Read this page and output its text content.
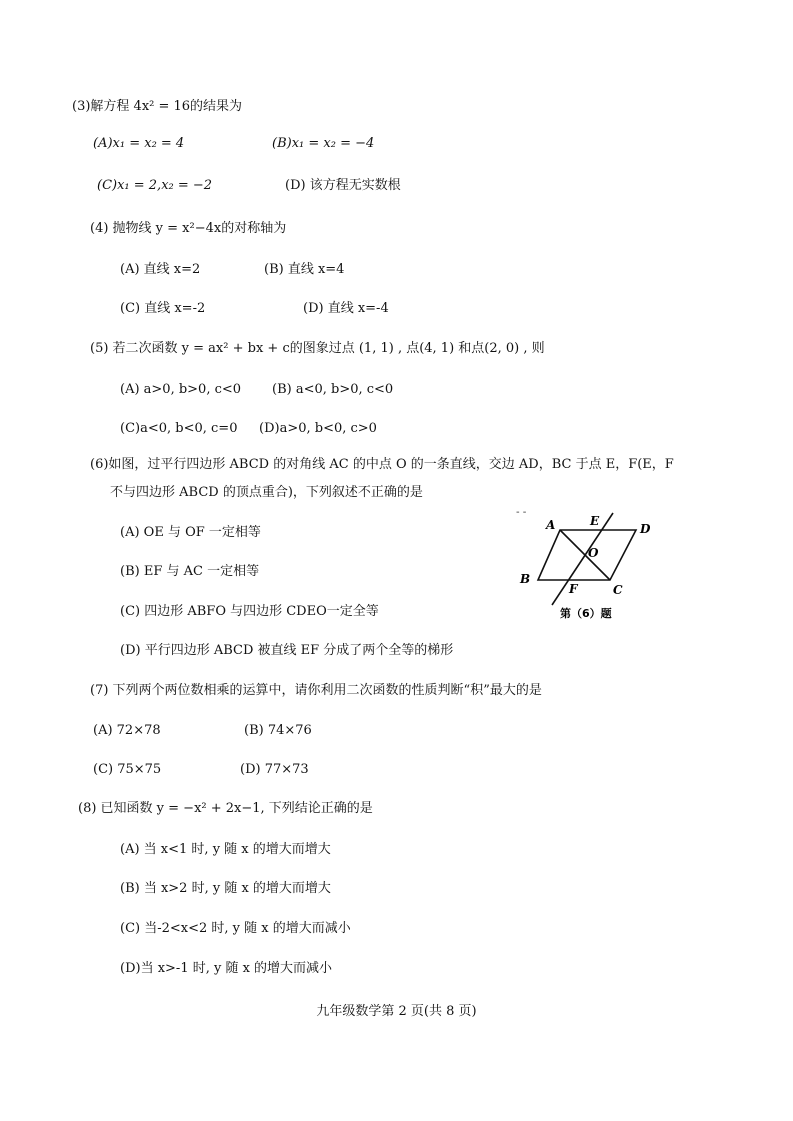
(3)解方程 4x² = 16的结果为
(A)x₁ = x₂ = 4	(B)x₁ = x₂ = −4
(C)x₁ = 2,x₂ = −2	(D) 该方程无实数根
(4) 抛物线 y = x²−4x的对称轴为
(A) 直线 x=2	(B) 直线 x=4
(C) 直线 x=-2	(D) 直线 x=-4
(5) 若二次函数 y = ax² + bx + c的图象过点 (1, 1) , 点(4, 1) 和点(2, 0) , 则
(A) a>0, b>0, c<0 (B) a<0, b>0, c<0
(C)a<0, b<0, c=0 (D)a>0, b<0, c>0
(6)如图，过平行四边形 ABCD 的对角线 AC 的中点 O 的一条直线，交边 AD，BC 于点 E，F(E，F
不与四边形 ABCD 的顶点重合)，下列叙述不正确的是
(A) OE 与 OF 一定相等
(B) EF 与 AC 一定相等
(C) 四边形 ABFO 与四边形 CDEO一定全等
(D) 平行四边形 ABCD 被直线 EF 分成了两个全等的梯形
- -
A	E
D
O
B
F	C
第（6）题
(7) 下列两个两位数相乘的运算中，请你利用二次函数的性质判断“积”最大的是
(A) 72×78	(B) 74×76
(C) 75×75	(D) 77×73
(8) 已知函数 y = −x² + 2x−1, 下列结论正确的是
(A) 当 x<1 时, y 随 x 的增大而增大
(B) 当 x>2 时, y 随 x 的增大而增大
(C) 当-2<x<2 时, y 随 x 的增大而减小
(D)当 x>-1 时, y 随 x 的增大而减小
九年级数学第 2 页(共 8 页)
